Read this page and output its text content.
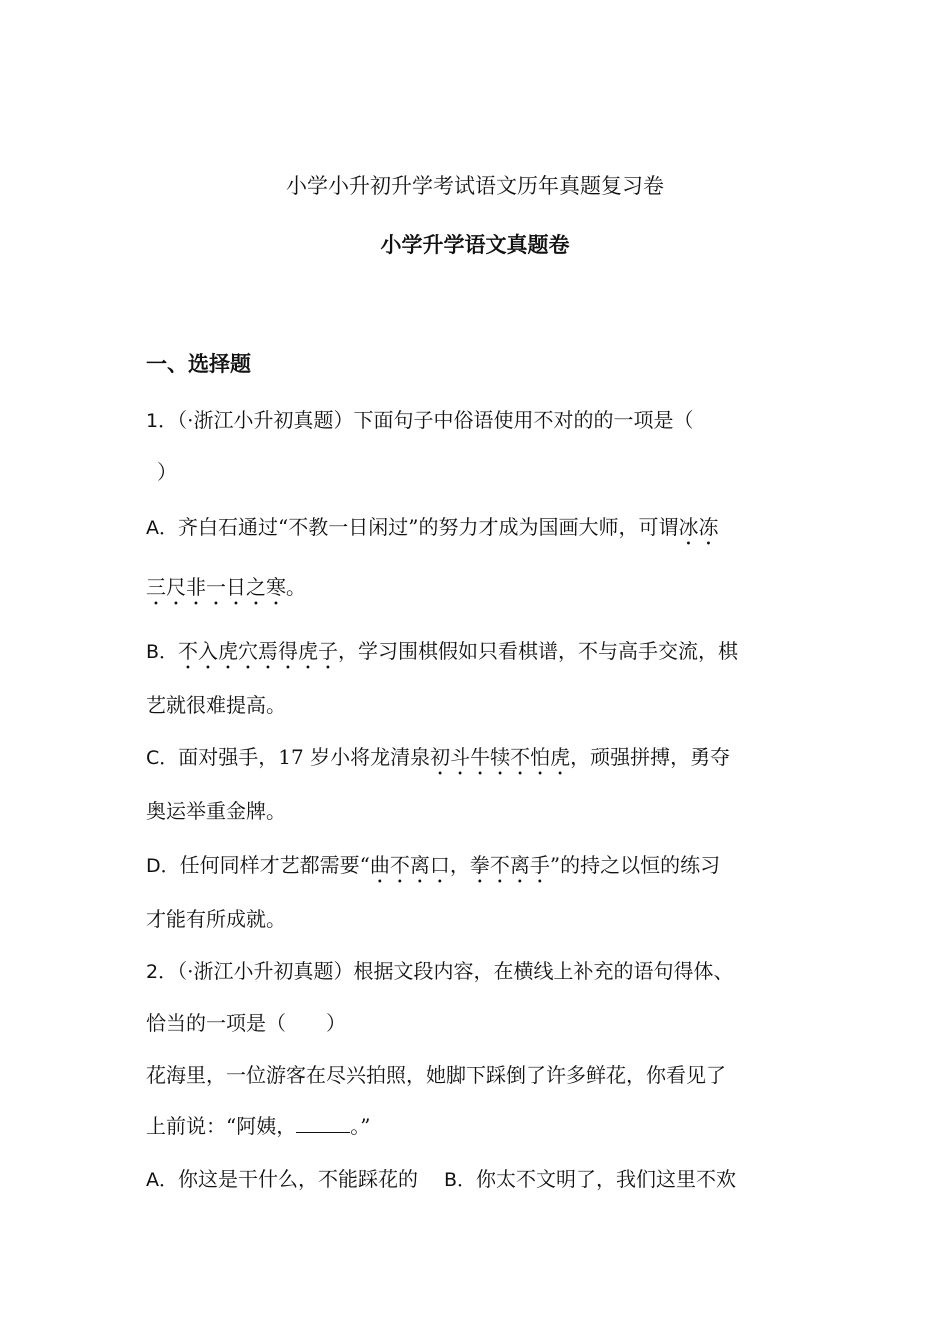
小学小升初升学考试语文历年真题复习卷
小学升学语文真题卷
一、选择题
1．（·浙江小升初真题）下面句子中俗语使用不对的的一项是（
）
A．齐白石通过“不教一日闲过”的努力才成为国画大师，可谓冰冻
三尺非一日之寒。
B．不入虎穴焉得虎子，学习围棋假如只看棋谱，不与高手交流，棋
艺就很难提高。
C．面对强手，17 岁小将龙清泉初斗牛犊不怕虎，顽强拼搏，勇夺
奥运举重金牌。
D．任何同样才艺都需要“曲不离口，拳不离手”的持之以恒的练习
才能有所成就。
2．（·浙江小升初真题）根据文段内容，在横线上补充的语句得体、
恰当的一项是（　　）
花海里，一位游客在尽兴拍照，她脚下踩倒了许多鲜花，你看见了
上前说：“阿姨，	。”
A．你这是干什么，不能踩花的 B．你太不文明了，我们这里不欢
